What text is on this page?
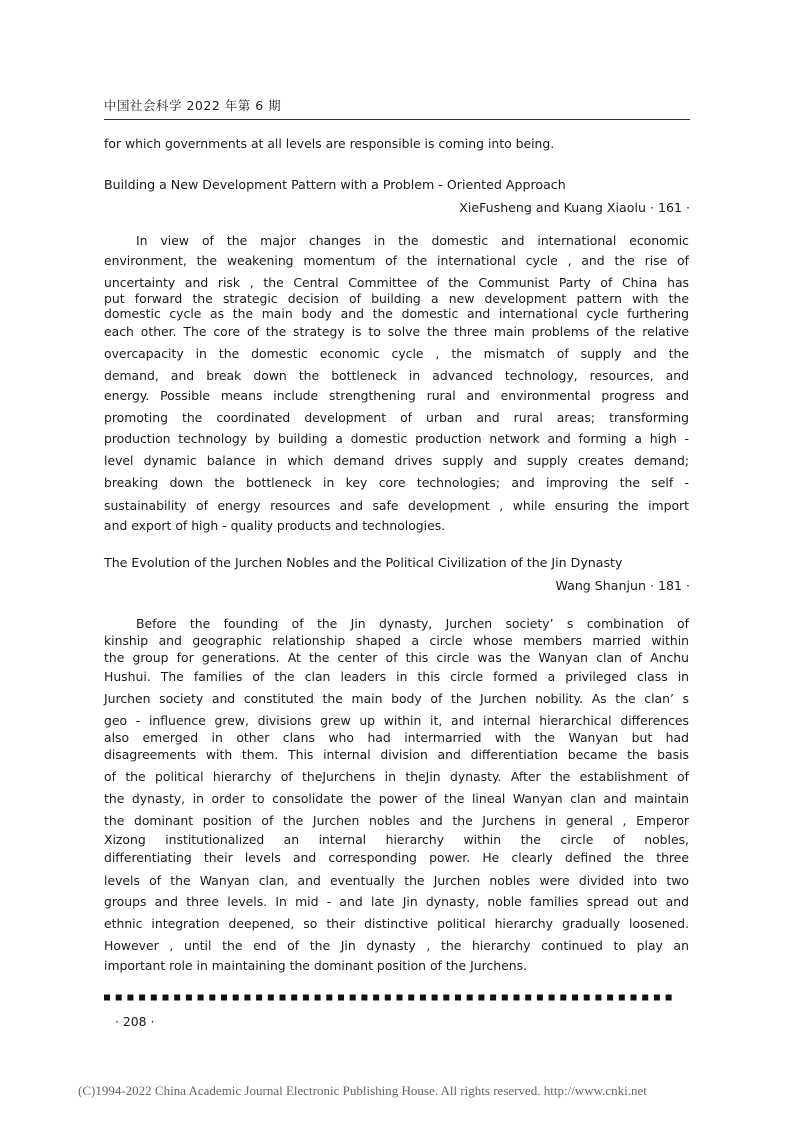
中国社会科学 2022 年第 6 期
for which governments at all levels are responsible is coming into being.
Building a New Development Pattern with a Problem - Oriented Approach
XieFusheng and Kuang Xiaolu · 161 ·
In view of the major changes in the domestic and international economic
environment, the weakening momentum of the international cycle , and the rise of
uncertainty and risk , the Central Committee of the Communist Party of China has
put forward the strategic decision of building a new development pattern with the
domestic cycle as the main body and the domestic and international cycle furthering
each other. The core of the strategy is to solve the three main problems of the relative
overcapacity in the domestic economic cycle , the mismatch of supply and the
demand, and break down the bottleneck in advanced technology, resources, and
energy. Possible means include strengthening rural and environmental progress and
promoting the coordinated development of urban and rural areas; transforming
production technology by building a domestic production network and forming a high -
level dynamic balance in which demand drives supply and supply creates demand;
breaking down the bottleneck in key core technologies; and improving the self -
sustainability of energy resources and safe development , while ensuring the import
and export of high - quality products and technologies.
The Evolution of the Jurchen Nobles and the Political Civilization of the Jin Dynasty
Wang Shanjun · 181 ·
Before the founding of the Jin dynasty, Jurchen society’ s combination of
kinship and geographic relationship shaped a circle whose members married within
the group for generations. At the center of this circle was the Wanyan clan of Anchu
Hushui. The families of the clan leaders in this circle formed a privileged class in
Jurchen society and constituted the main body of the Jurchen nobility. As the clan’ s
geo - influence grew, divisions grew up within it, and internal hierarchical differences
also emerged in other clans who had intermarried with the Wanyan but had
disagreements with them. This internal division and differentiation became the basis
of the political hierarchy of theJurchens in theJin dynasty. After the establishment of
the dynasty, in order to consolidate the power of the lineal Wanyan clan and maintain
the dominant position of the Jurchen nobles and the Jurchens in general , Emperor
Xizong institutionalized an internal hierarchy within the circle of nobles,
differentiating their levels and corresponding power. He clearly defined the three
levels of the Wanyan clan, and eventually the Jurchen nobles were divided into two
groups and three levels. In mid - and late Jin dynasty, noble families spread out and
ethnic integration deepened, so their distinctive political hierarchy gradually loosened.
However , until the end of the Jin dynasty , the hierarchy continued to play an
important role in maintaining the dominant position of the Jurchens.
· 208 ·
(C)1994-2022 China Academic Journal Electronic Publishing House. All rights reserved. http://www.cnki.net
